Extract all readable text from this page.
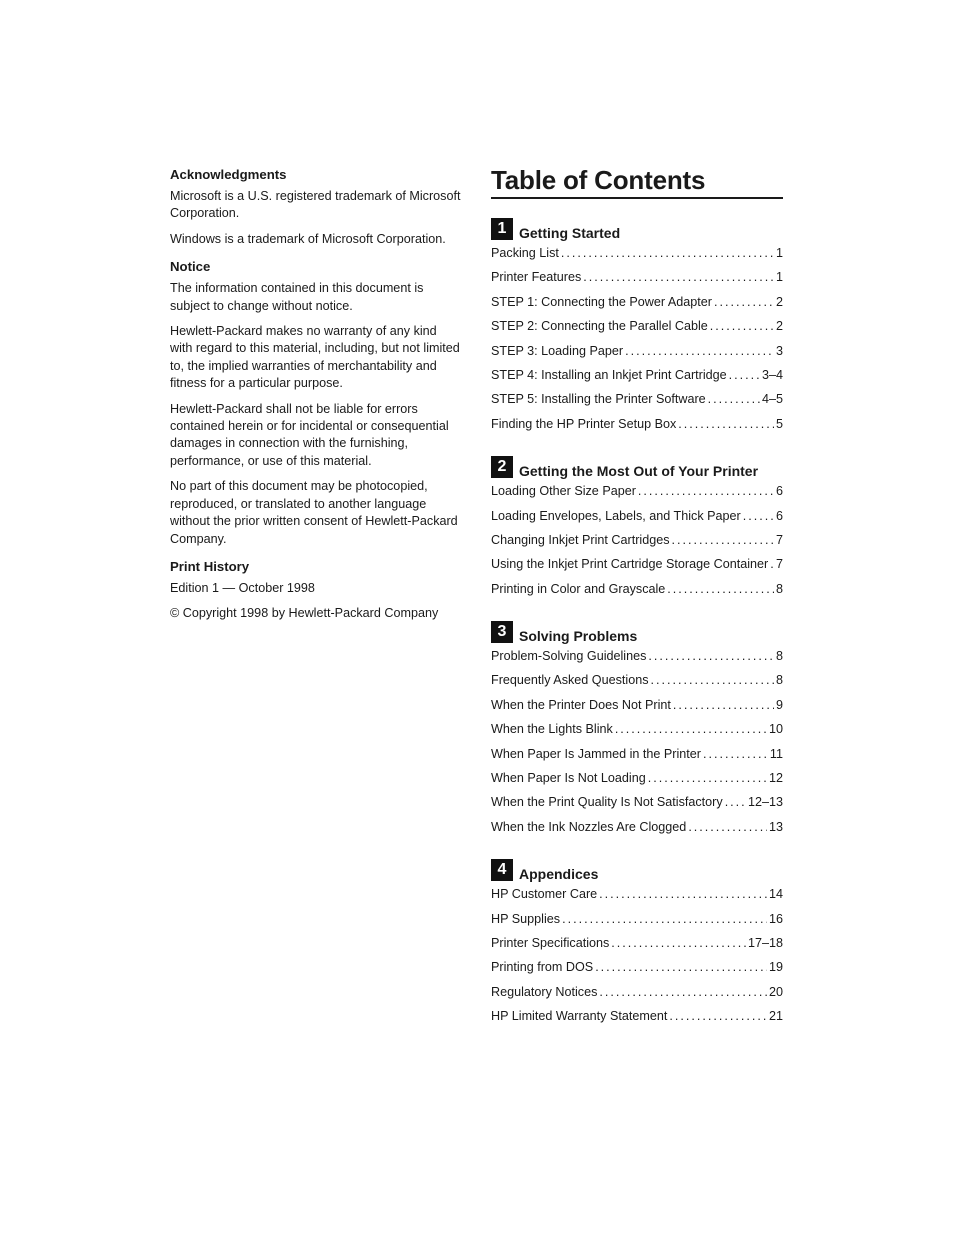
Acknowledgments

Microsoft is a U.S. registered trademark of Microsoft Corporation.

Windows is a trademark of Microsoft Corporation.

Notice

The information contained in this document is subject to change without notice.

Hewlett-Packard makes no warranty of any kind with regard to this material, including, but not limited to, the implied warranties of merchantability and fitness for a particular purpose.

Hewlett-Packard shall not be liable for errors contained herein or for incidental or consequential damages in connection with the furnishing, performance, or use of this material.

No part of this document may be photocopied, reproduced, or translated to another language without the prior written consent of Hewlett-Packard Company.

Print History

Edition 1 — October 1998

© Copyright 1998 by Hewlett-Packard Company

Table of Contents
1 Getting Started
Packing List .....	1
Printer Features .....	1
STEP 1: Connecting the Power Adapter .....	2
STEP 2: Connecting the Parallel Cable .....	2
STEP 3: Loading Paper .....	3
STEP 4: Installing an Inkjet Print Cartridge .....	3–4
STEP 5: Installing the Printer Software .....	4–5
Finding the HP Printer Setup Box .....	5
2 Getting the Most Out of Your Printer
Loading Other Size Paper .....	6
Loading Envelopes, Labels, and Thick Paper .....	6
Changing Inkjet Print Cartridges .....	7
Using the Inkjet Print Cartridge Storage Container ..... 7
Printing in Color and Grayscale .....	8
3 Solving Problems
Problem-Solving Guidelines .....	8
Frequently Asked Questions .....	8
When the Printer Does Not Print .....	9
When the Lights Blink .....	10
When Paper Is Jammed in the Printer .....	11
When Paper Is Not Loading .....	12
When the Print Quality Is Not Satisfactory ..... 12–13
When the Ink Nozzles Are Clogged .....	13
4 Appendices
HP Customer Care .....	14
HP Supplies .....	16
Printer Specifications .....	17–18
Printing from DOS .....	19
Regulatory Notices .....	20
HP Limited Warranty Statement .....	21
